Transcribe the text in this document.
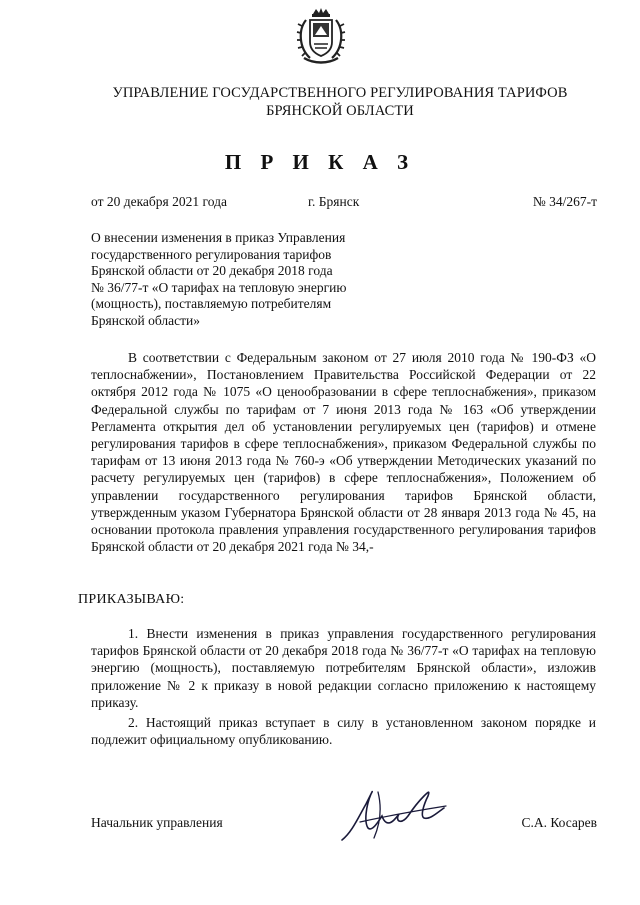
УПРАВЛЕНИЕ ГОСУДАРСТВЕННОГО РЕГУЛИРОВАНИЯ ТАРИФОВ
БРЯНСКОЙ ОБЛАСТИ
П Р И К А З
от 20 декабря 2021 года	г. Брянск	№ 34/267-т
О внесении изменения в приказ Управления
государственного регулирования тарифов
Брянской области от 20 декабря 2018 года
№ 36/77-т «О тарифах на тепловую энергию
(мощность), поставляемую потребителям
Брянской области»
В соответствии с Федеральным законом от 27 июля 2010 года № 190-ФЗ «О теплоснабжении», Постановлением Правительства Российской Федерации от 22 октября 2012 года № 1075 «О ценообразовании в сфере теплоснабжения», приказом Федеральной службы по тарифам от 7 июня 2013 года № 163 «Об утверждении Регламента открытия дел об установлении регулируемых цен (тарифов) и отмене регулирования тарифов в сфере теплоснабжения», приказом Федеральной службы по тарифам от 13 июня 2013 года № 760-э «Об утверждении Методических указаний по расчету регулируемых цен (тарифов) в сфере теплоснабжения», Положением об управлении государственного регулирования тарифов Брянской области, утвержденным указом Губернатора Брянской области от 28 января 2013 года № 45, на основании протокола правления управления государственного регулирования тарифов Брянской области от 20 декабря 2021 года № 34,-
ПРИКАЗЫВАЮ:
1. Внести изменения в приказ управления государственного регулирования тарифов Брянской области от 20 декабря 2018 года № 36/77-т «О тарифах на тепловую энергию (мощность), поставляемую потребителям Брянской области», изложив приложение № 2 к приказу в новой редакции согласно приложению к настоящему приказу.
2. Настоящий приказ вступает в силу в установленном законом порядке и подлежит официальному опубликованию.
Начальник управления	С.А. Косарев
